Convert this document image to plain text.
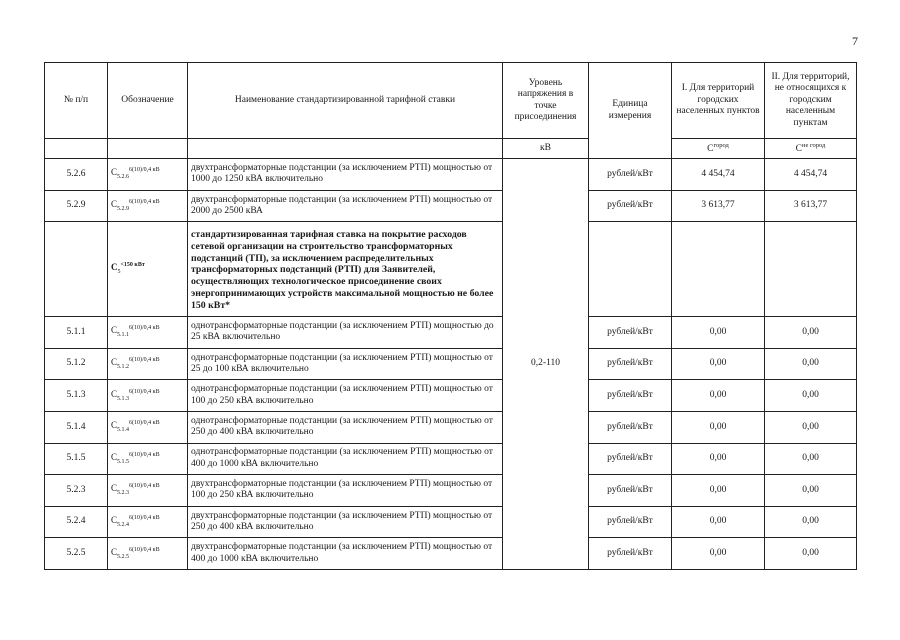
7
№ п/п	Обозначение	Наименование стандартизированной тарифной ставки	Уровень напряжения в точке присоединения	Единица измерения	I. Для территорий городских населенных пунктов	II. Для территорий, не относящихся к городским населенным пунктам
			кВ		$С^{город}$	$С^{не город}$
5.2.6	$С_{5.2.6}^{6(10)/0,4 кВ}$	двухтрансформаторные подстанции (за исключением РТП) мощностью от 1000 до 1250 кВА включительно	0,2-110	рублей/кВт	4 454,74	4 454,74
5.2.9	$С_{5.2.9}^{6(10)/0,4 кВ}$	двухтрансформаторные подстанции (за исключением РТП) мощностью от 2000 до 2500 кВА		рублей/кВт	3 613,77	3 613,77
	$С_5^{<150 кВт}$	стандартизированная тарифная ставка на покрытие расходов сетевой организации на строительство трансформаторных подстанций (ТП), за исключением распределительных трансформаторных подстанций (РТП) для Заявителей, осуществляющих технологическое присоединение своих энергопринимающих устройств максимальной мощностью не более 150 кВт*				
5.1.1	$С_{5.1.1}^{6(10)/0,4 кВ}$	однотрансформаторные подстанции (за исключением РТП) мощностью до 25 кВА включительно		рублей/кВт	0,00	0,00
5.1.2	$С_{5.1.2}^{6(10)/0,4 кВ}$	однотрансформаторные подстанции (за исключением РТП) мощностью от 25 до 100 кВА включительно		рублей/кВт	0,00	0,00
5.1.3	$С_{5.1.3}^{6(10)/0,4 кВ}$	однотрансформаторные подстанции (за исключением РТП) мощностью от 100 до 250 кВА включительно		рублей/кВт	0,00	0,00
5.1.4	$С_{5.1.4}^{6(10)/0,4 кВ}$	однотрансформаторные подстанции (за исключением РТП) мощностью от 250 до 400 кВА включительно		рублей/кВт	0,00	0,00
5.1.5	$С_{5.1.5}^{6(10)/0,4 кВ}$	однотрансформаторные подстанции (за исключением РТП) мощностью от 400 до 1000 кВА включительно		рублей/кВт	0,00	0,00
5.2.3	$С_{5.2.3}^{6(10)/0,4 кВ}$	двухтрансформаторные подстанции (за исключением РТП) мощностью от 100 до 250 кВА включительно		рублей/кВт	0,00	0,00
5.2.4	$С_{5.2.4}^{6(10)/0,4 кВ}$	двухтрансформаторные подстанции (за исключением РТП) мощностью от 250 до 400 кВА включительно		рублей/кВт	0,00	0,00
5.2.5	$С_{5.2.5}^{6(10)/0,4 кВ}$	двухтрансформаторные подстанции (за исключением РТП) мощностью от 400 до 1000 кВА включительно		рублей/кВт	0,00	0,00
